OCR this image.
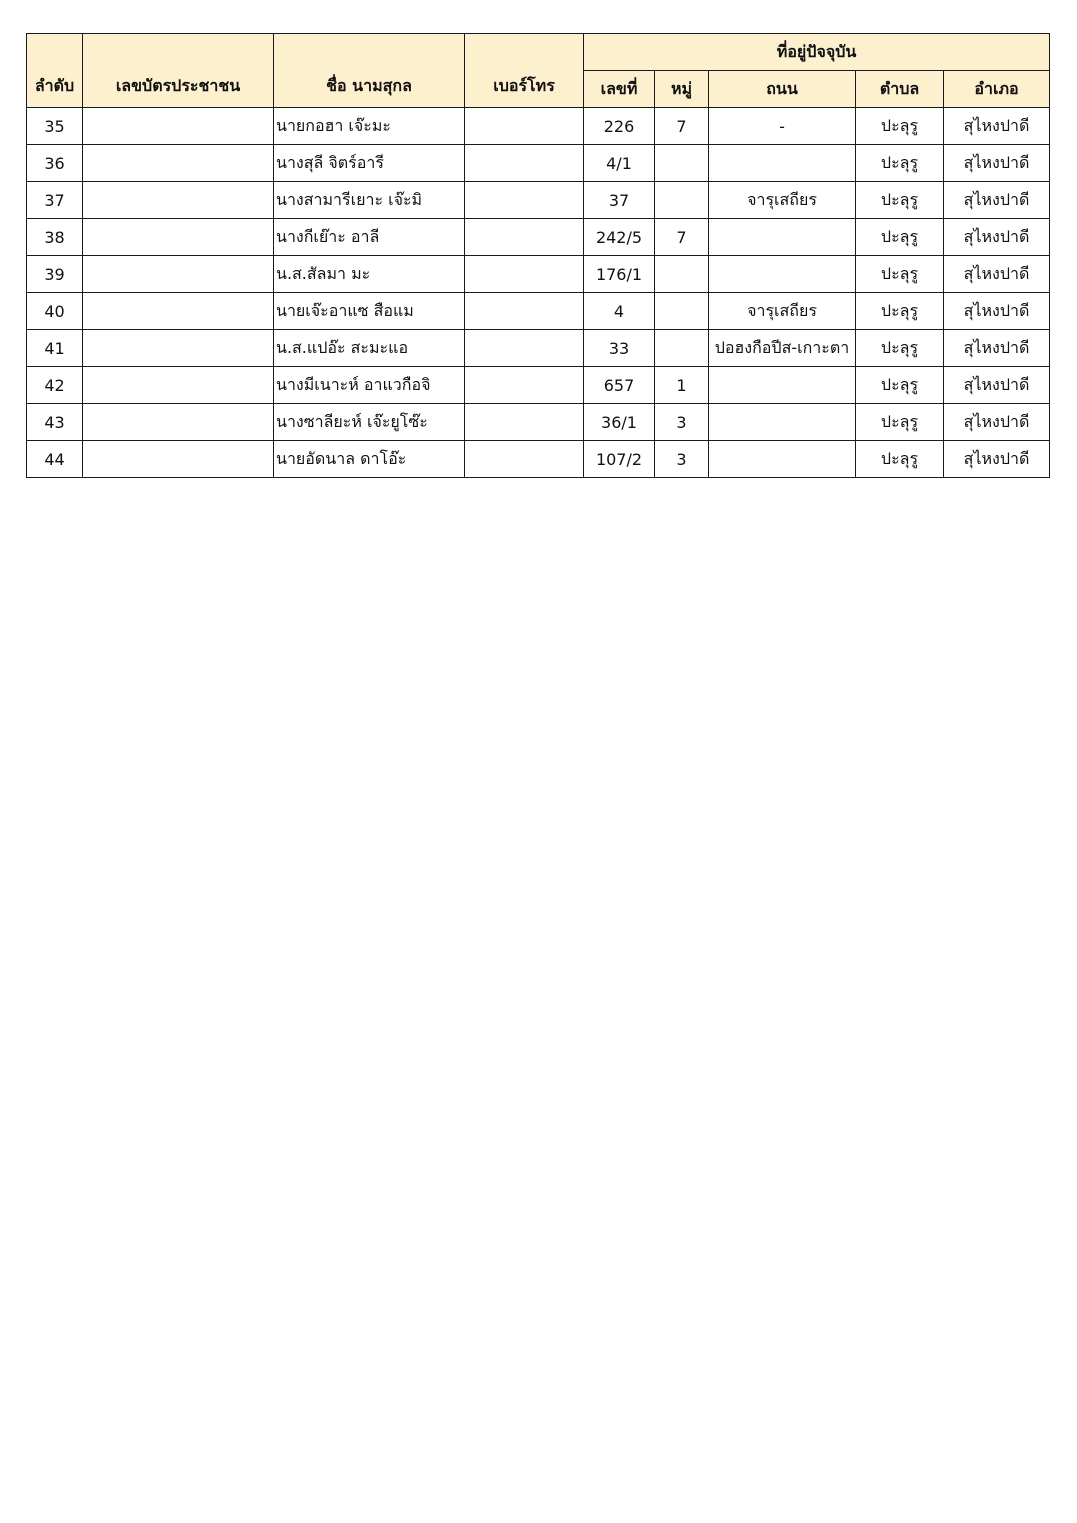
ลำดับ	เลขบัตรประชาชน	ชื่อ นามสุกล	เบอร์โทร	ที่อยู่ปัจจุบัน				
				เลขที่	หมู่	ถนน	ตำบล	อำเภอ
35		นายกอฮา เจ๊ะมะ		226	7	-	ปะลุรู	สุไหงปาดี
36		นางสุลี จิตร์อารี		4/1			ปะลุรู	สุไหงปาดี
37		นางสามารีเยาะ เจ๊ะมิ		37		จารุเสถียร	ปะลุรู	สุไหงปาดี
38		นางกีเย๊าะ อาลี		242/5	7		ปะลุรู	สุไหงปาดี
39		น.ส.สัลมา มะ		176/1			ปะลุรู	สุไหงปาดี
40		นายเจ๊ะอาแซ สือแม		4		จารุเสถียร	ปะลุรู	สุไหงปาดี
41		น.ส.แปอ๊ะ สะมะแอ		33		ปอฮงกือปีส-เกาะตา	ปะลุรู	สุไหงปาดี
42		นางมีเนาะห์ อาแวกือจิ		657	1		ปะลุรู	สุไหงปาดี
43		นางซาลียะห์ เจ๊ะยูโซ๊ะ		36/1	3		ปะลุรู	สุไหงปาดี
44		นายอัดนาล ดาโอ๊ะ		107/2	3		ปะลุรู	สุไหงปาดี
